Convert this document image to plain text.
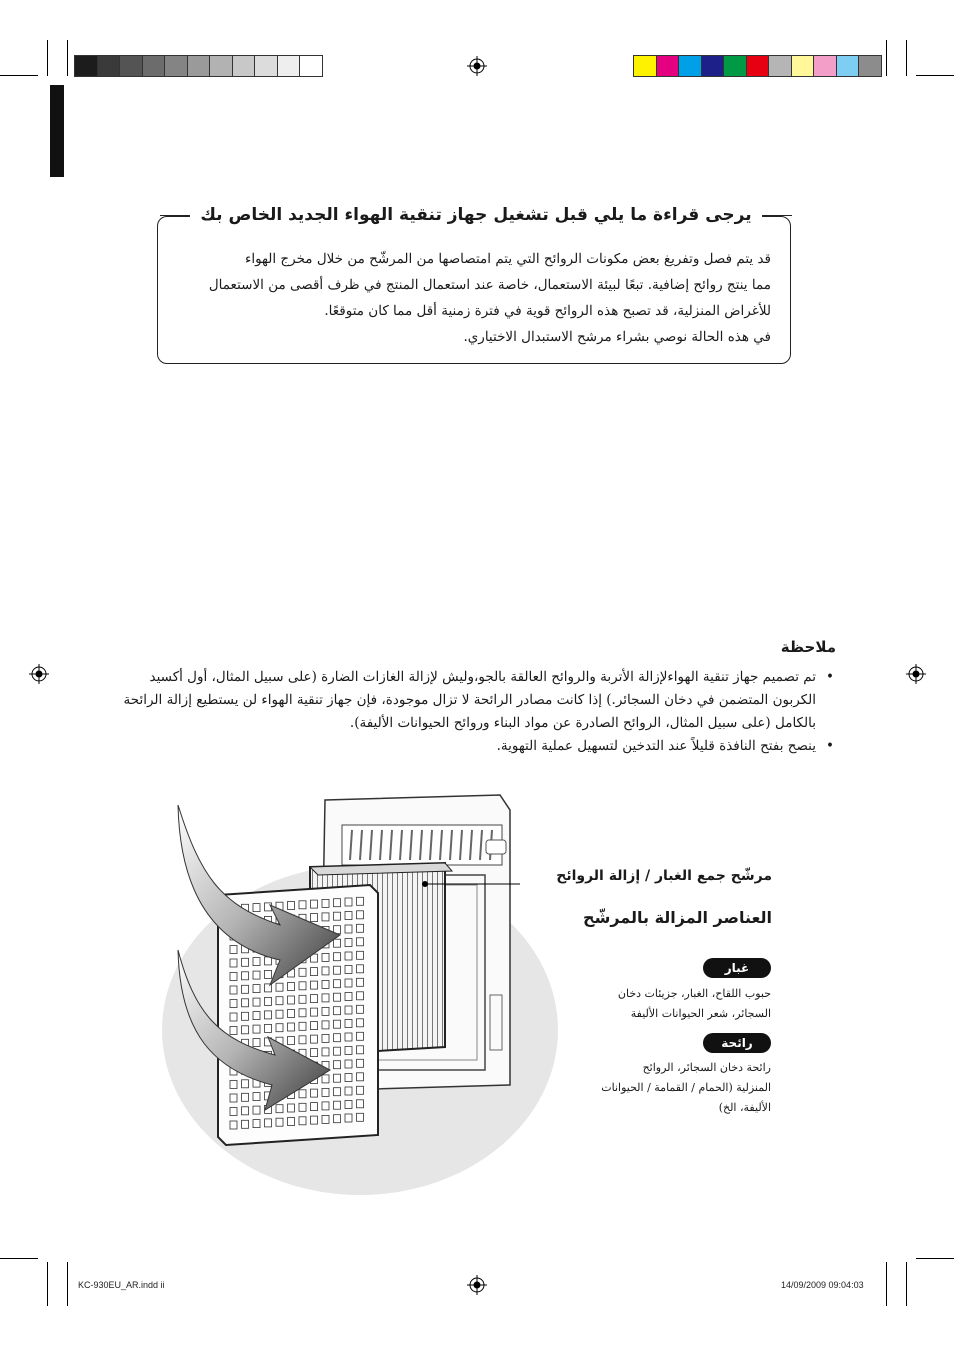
يرجى قراءة ما يلي قبل تشغيل جهاز تنقية الهواء الجديد الخاص بك

قد يتم فصل وتفريغ بعض مكونات الروائح التي يتم امتصاصها من المرشّح من خلال مخرج الهواء

مما ينتج روائح إضافية. تبعًا لبيئة الاستعمال، خاصة عند استعمال المنتج في ظرف أقصى من الاستعمال

للأغراض المنزلية، قد تصبح هذه الروائح قوية في فترة زمنية أقل مما كان متوقعًا.

في هذه الحالة نوصي بشراء مرشح الاستبدال الاختياري.

ملاحظة
• تم تصميم جهاز تنقية الهواءلإزالة الأتربة والروائح العالقة بالجو،وليش لإزالة الغازات الضارة (على سبيل المثال، أول أكسيد الكربون المتضمن في دخان السجائر.) إذا كانت مصادر الرائحة لا تزال موجودة، فإن جهاز تنقية الهواء لن يستطيع إزالة الرائحة بالكامل (على سبيل المثال، الروائح الصادرة عن مواد البناء وروائح الحيوانات الأليفة).
• ينصح بفتح النافذة قليلاً عند التدخين لتسهيل عملية التهوية.
مرشّح جمع الغبار / إزالة الروائح
العناصر المزالة بالمرشّح
غبار
حبوب اللقاح، الغبار، جزيئات دخان
السجائر، شعر الحيوانات الأليفة
رائحة
رائحة دخان السجائر، الروائح
المنزلية (الحمام / القمامة / الحيوانات
الأليفة، الخ)
KC-930EU_AR.indd ii	14/09/2009 09:04:03
